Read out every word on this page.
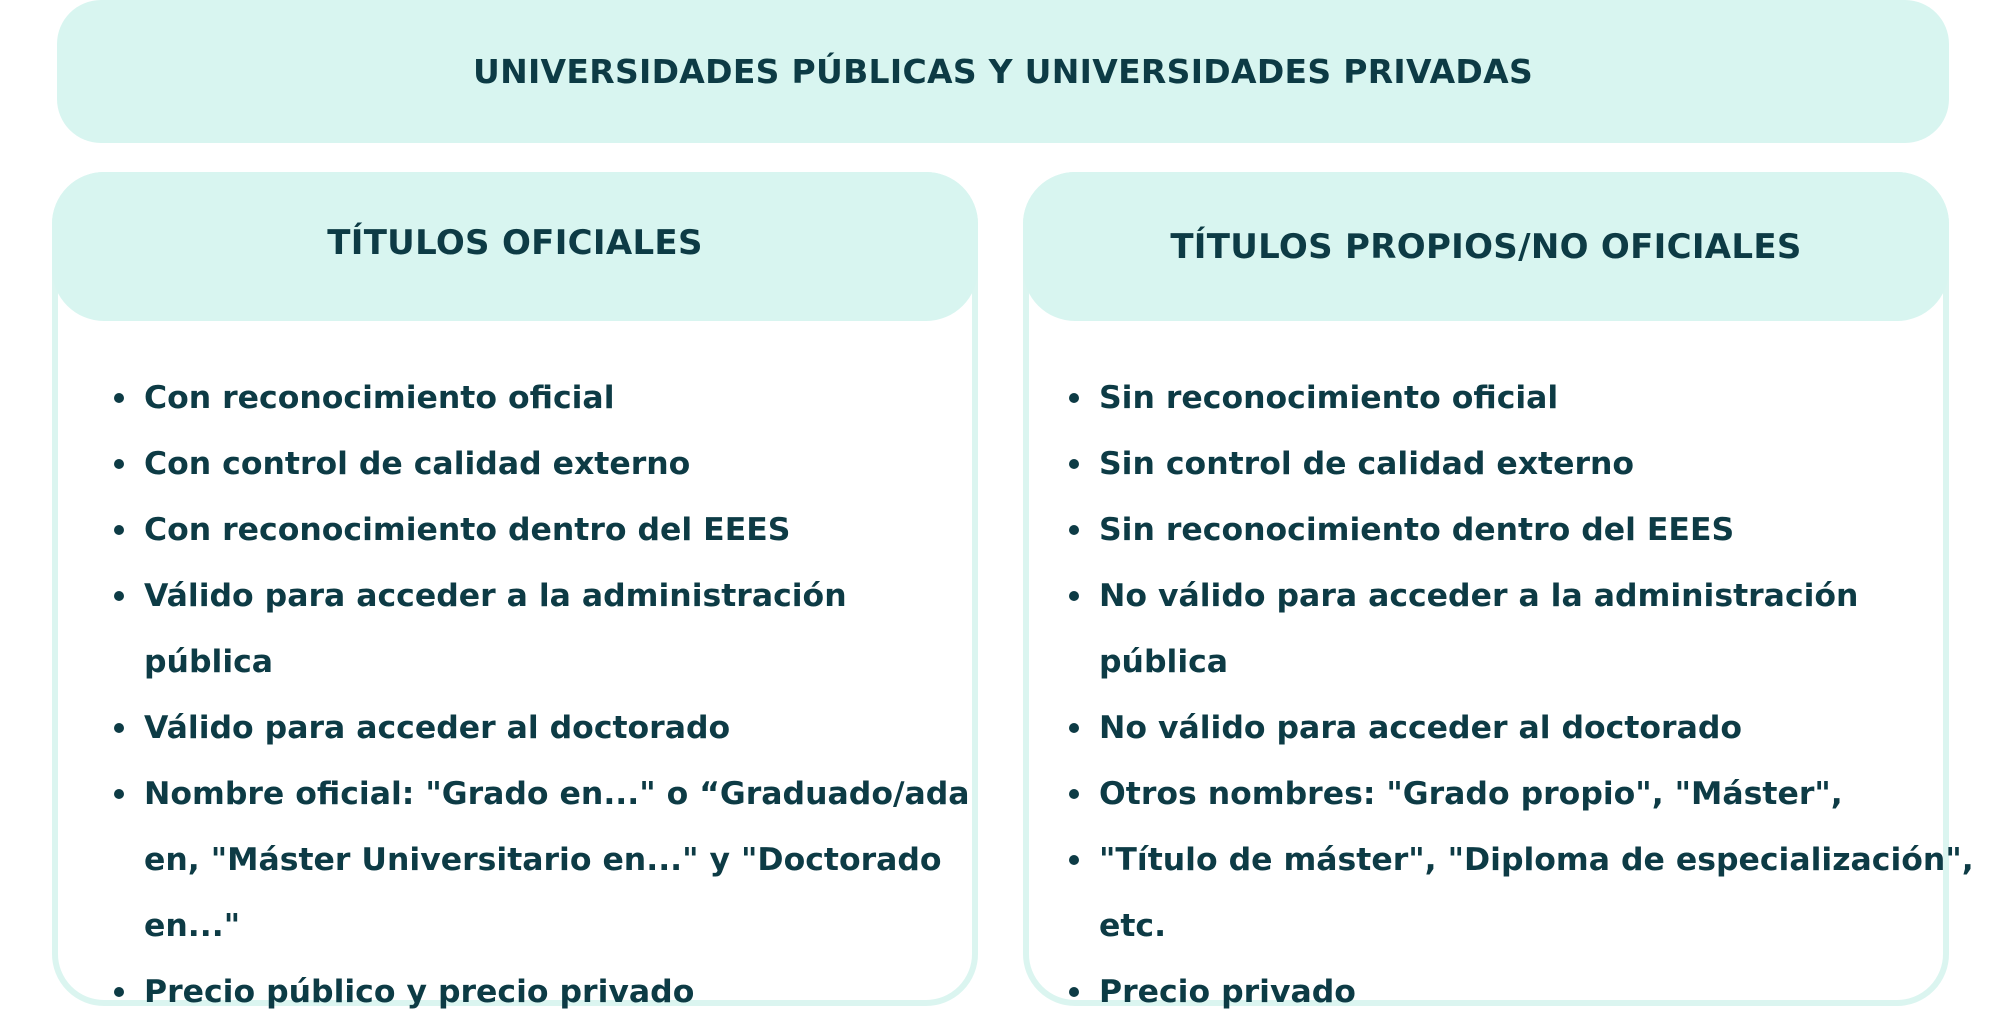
UNIVERSIDADES PÚBLICAS Y UNIVERSIDADES PRIVADAS
TÍTULOS OFICIALES
Con reconocimiento oficial
Con control de calidad externo
Con reconocimiento dentro del EEES
Válido para acceder a la administración
pública
Válido para acceder al doctorado
Nombre oficial: "Grado en..." o “Graduado/ada
en, "Máster Universitario en..." y "Doctorado
en..."
Precio público y precio privado
TÍTULOS PROPIOS/NO OFICIALES
Sin reconocimiento oficial
Sin control de calidad externo
Sin reconocimiento dentro del EEES
No válido para acceder a la administración
pública
No válido para acceder al doctorado
Otros nombres: "Grado propio", "Máster",
"Título de máster", "Diploma de especialización",
etc.
Precio privado
